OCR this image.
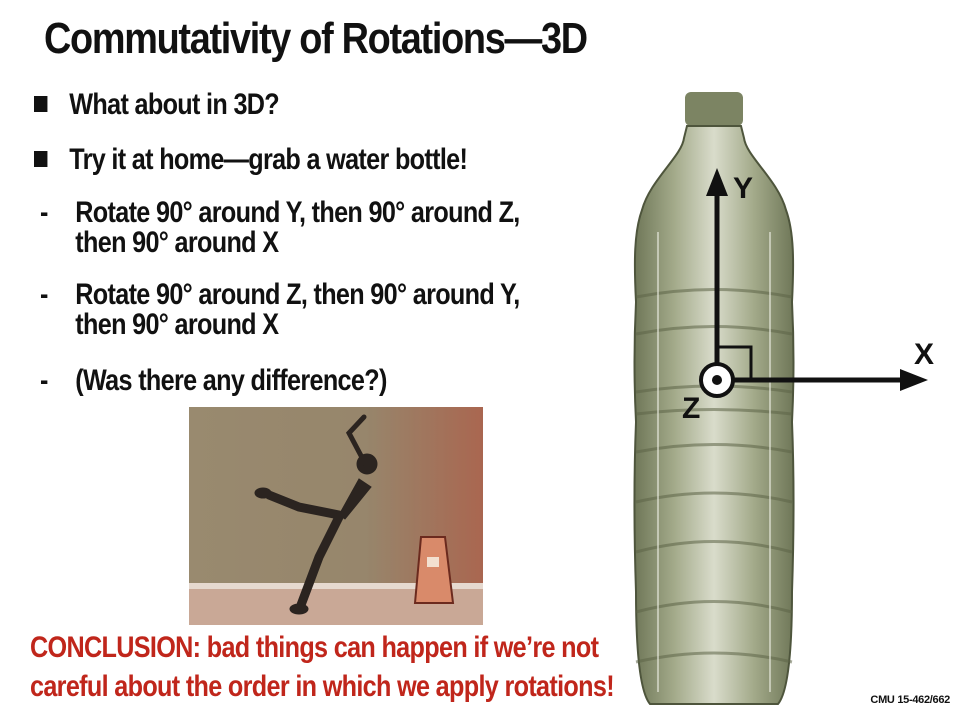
Commutativity of Rotations—3D
What about in 3D?
Try it at home—grab a water bottle!
- Rotate 90° around Y, then 90° around Z,
then 90° around X
- Rotate 90° around Z, then 90° around Y,
then 90° around X
- (Was there any difference?)
Y
X
Z
CONCLUSION: bad things can happen if we’re not
careful about the order in which we apply rotations!	CMU 15-462/662
